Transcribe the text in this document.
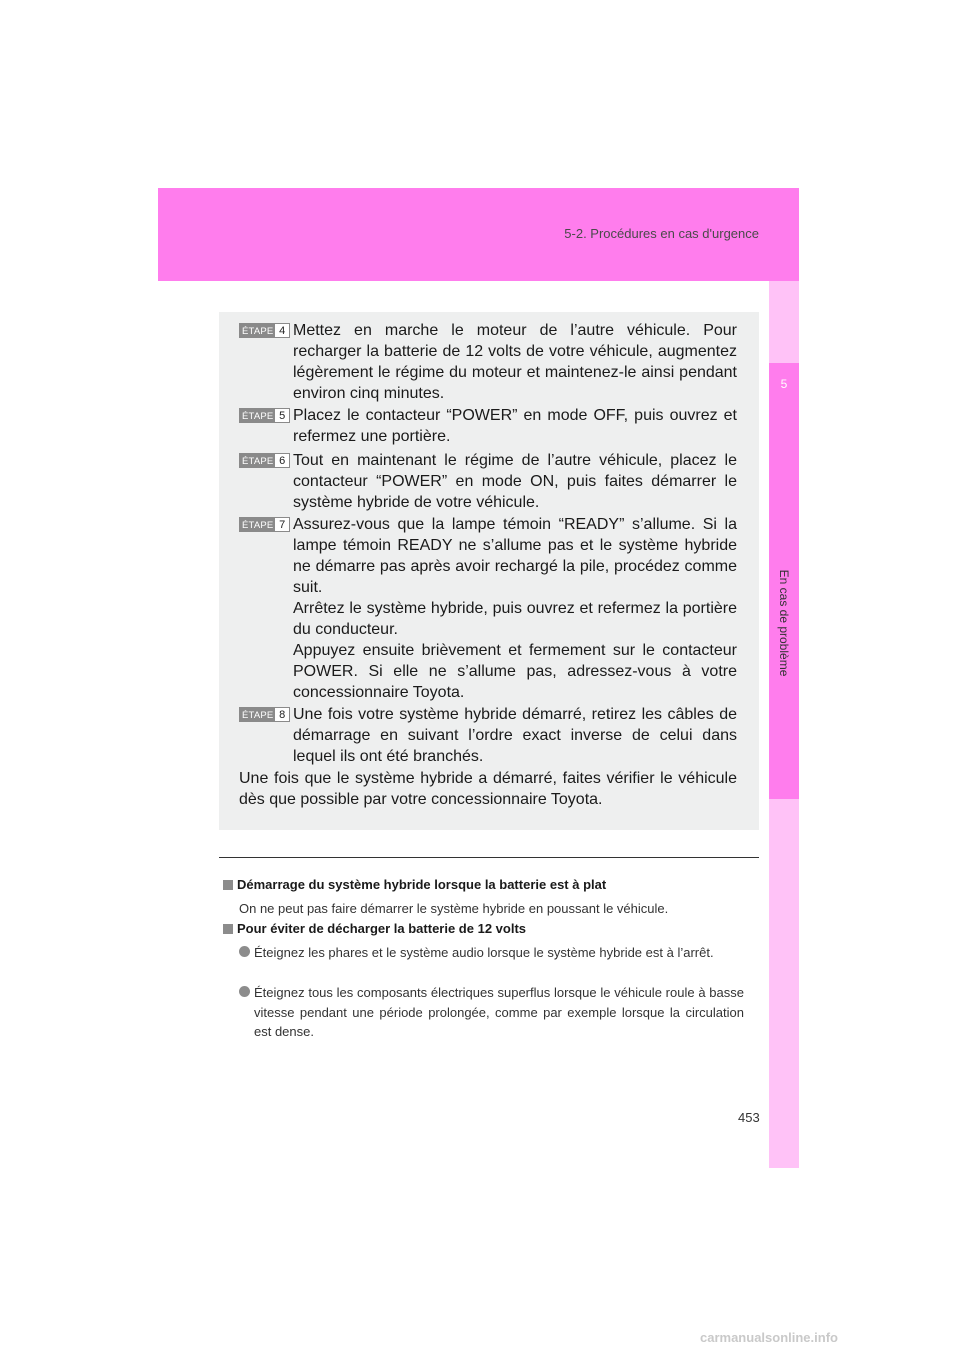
5-2. Procédures en cas d'urgence
5
En cas de problème
ÉTAPE 4 Mettez en marche le moteur de l’autre véhicule. Pour recharger la batterie de 12 volts de votre véhicule, augmentez légèrement le régime du moteur et maintenez-le ainsi pendant environ cinq minutes.
ÉTAPE 5 Placez le contacteur “POWER” en mode OFF, puis ouvrez et refermez une portière.
ÉTAPE 6 Tout en maintenant le régime de l’autre véhicule, placez le contacteur “POWER” en mode ON, puis faites démarrer le système hybride de votre véhicule.
ÉTAPE 7 Assurez-vous que la lampe témoin “READY” s’allume. Si la lampe témoin READY ne s’allume pas et le système hybride ne démarre pas après avoir rechargé la pile, procédez comme suit.
Arrêtez le système hybride, puis ouvrez et refermez la portière du conducteur.
Appuyez ensuite brièvement et fermement sur le contacteur POWER. Si elle ne s’allume pas, adressez-vous à votre concessionnaire Toyota.
ÉTAPE 8 Une fois votre système hybride démarré, retirez les câbles de démarrage en suivant l’ordre exact inverse de celui dans lequel ils ont été branchés.
Une fois que le système hybride a démarré, faites vérifier le véhicule dès que possible par votre concessionnaire Toyota.
Démarrage du système hybride lorsque la batterie est à plat
On ne peut pas faire démarrer le système hybride en poussant le véhicule.
Pour éviter de décharger la batterie de 12 volts
Éteignez les phares et le système audio lorsque le système hybride est à l’arrêt.
Éteignez tous les composants électriques superflus lorsque le véhicule roule à basse vitesse pendant une période prolongée, comme par exemple lorsque la circulation est dense.
453
carmanualsonline.info
